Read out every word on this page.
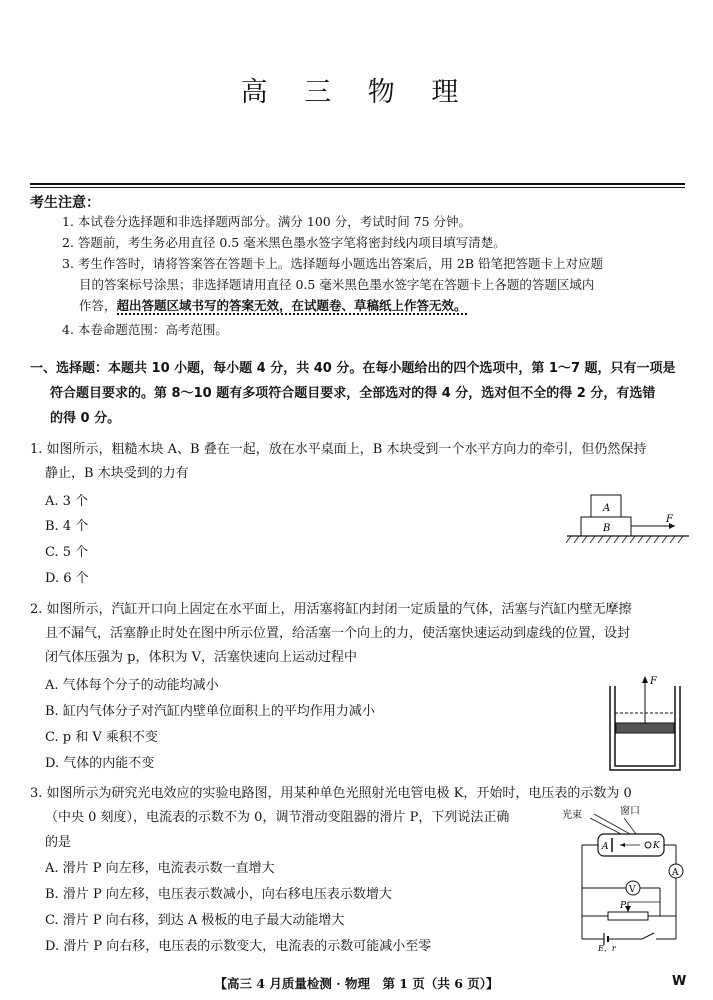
高 三 物 理
考生注意：
1. 本试卷分选择题和非选择题两部分。满分 100 分，考试时间 75 分钟。
2. 答题前，考生务必用直径 0.5 毫米黑色墨水签字笔将密封线内项目填写清楚。
3. 考生作答时，请将答案答在答题卡上。选择题每小题选出答案后，用 2B 铅笔把答题卡上对应题
目的答案标号涂黑；非选择题请用直径 0.5 毫米黑色墨水签字笔在答题卡上各题的答题区域内
作答，超出答题区域书写的答案无效，在试题卷、草稿纸上作答无效。
4. 本卷命题范围：高考范围。
一、选择题：本题共 10 小题，每小题 4 分，共 40 分。在每小题给出的四个选项中，第 1～7 题，只有一项是
符合题目要求的。第 8～10 题有多项符合题目要求，全部选对的得 4 分，选对但不全的得 2 分，有选错
的得 0 分。
1. 如图所示，粗糙木块 A、B 叠在一起，放在水平桌面上，B 木块受到一个水平方向力的牵引，但仍然保持
静止，B 木块受到的力有
A. 3 个
B. 4 个
C. 5 个
D. 6 个
A
B
F
2. 如图所示，汽缸开口向上固定在水平面上，用活塞将缸内封闭一定质量的气体，活塞与汽缸内壁无摩擦
且不漏气，活塞静止时处在图中所示位置，给活塞一个向上的力，使活塞快速运动到虚线的位置，设封
闭气体压强为 p，体积为 V，活塞快速向上运动过程中
A. 气体每个分子的动能均减小
B. 缸内气体分子对汽缸内壁单位面积上的平均作用力减小
C. p 和 V 乘积不变
D. 气体的内能不变
F
3. 如图所示为研究光电效应的实验电路图，用某种单色光照射光电管电极 K，开始时，电压表的示数为 0
（中央 0 刻度），电流表的示数不为 0，调节滑动变阻器的滑片 P，下列说法正确
的是
A. 滑片 P 向左移，电流表示数一直增大
B. 滑片 P 向左移，电压表示数减小，向右移电压表示数增大
C. 滑片 P 向右移，到达 A 极板的电子最大动能增大
D. 滑片 P 向右移，电压表的示数变大，电流表的示数可能减小至零
光束	窗口
A	K
A
V
P
E，r
【高三 4 月质量检测 · 物理　第 1 页（共 6 页）】	W
